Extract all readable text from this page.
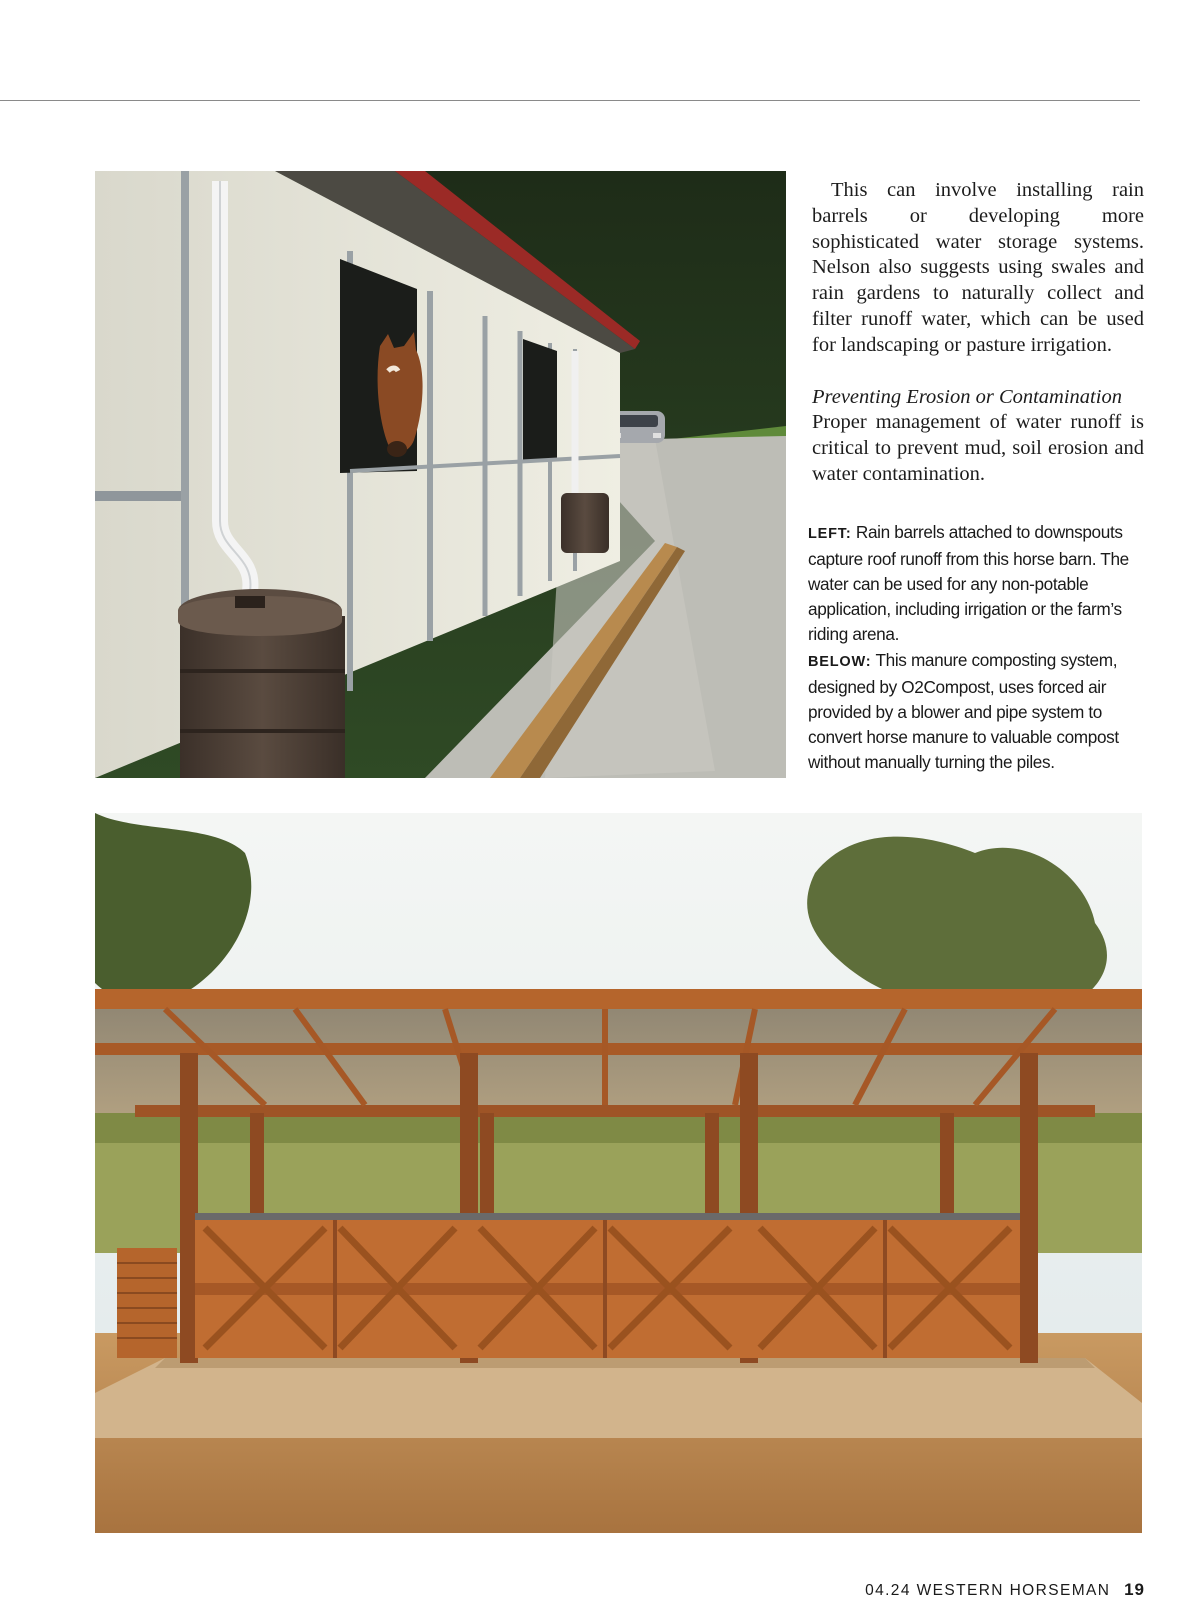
This can involve installing rain barrels or developing more sophisticated water storage systems. Nelson also suggests using swales and rain gardens to naturally collect and filter runoff water, which can be used for landscaping or pasture irrigation.

Preventing Erosion or Contamination

Proper management of water runoff is critical to prevent mud, soil erosion and water contamination.

LEFT: Rain barrels attached to downspouts capture roof runoff from this horse barn. The water can be used for any non-potable application, including irrigation or the farm’s riding arena.

BELOW: This manure composting system, designed by O2Compost, uses forced air provided by a blower and pipe system to convert horse manure to valuable compost without manually turning the piles.

04.24 WESTERN HORSEMAN 19
